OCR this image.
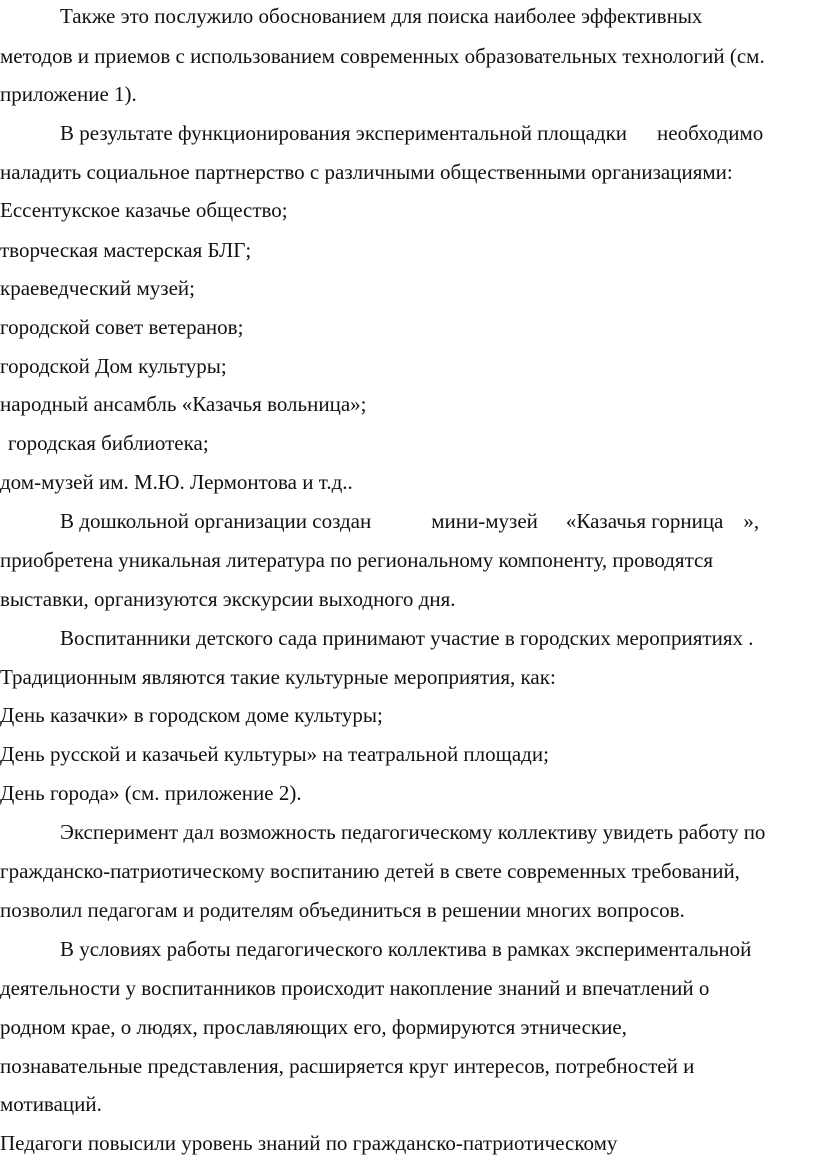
Также это послужило обоснованием для поиска наиболее эффективных
методов и приемов с использованием современных образовательных технологий (см.
приложение 1).
В результате функционирования экспериментальной площадки необходимо
наладить социальное партнерство с различными общественными организациями:
Ессентукское казачье общество;
творческая мастерская БЛГ;
краеведческий музей;
городской совет ветеранов;
городской Дом культуры;
народный ансамбль «Казачья вольница»;
городская библиотека;
дом-музей им. М.Ю. Лермонтова и т.д..
В дошкольной организации создан	мини-музей «Казачья горница »,
приобретена уникальная литература по региональному компоненту, проводятся
выставки, организуются экскурсии выходного дня.
Воспитанники детского сада принимают участие в городских мероприятиях .
Традиционным являются такие культурные мероприятия, как:
День казачки» в городском доме культуры;
День русской и казачьей культуры» на театральной площади;
День города» (см. приложение 2).
Эксперимент дал возможность педагогическому коллективу увидеть работу по
гражданско-патриотическому воспитанию детей в свете современных требований,
позволил педагогам и родителям объединиться в решении многих вопросов.
В условиях работы педагогического коллектива в рамках экспериментальной
деятельности у воспитанников происходит накопление знаний и впечатлений о
родном крае, о людях, прославляющих его, формируются этнические,
познавательные представления, расширяется круг интересов, потребностей и
мотиваций.
Педагоги повысили уровень знаний по гражданско-патриотическому
